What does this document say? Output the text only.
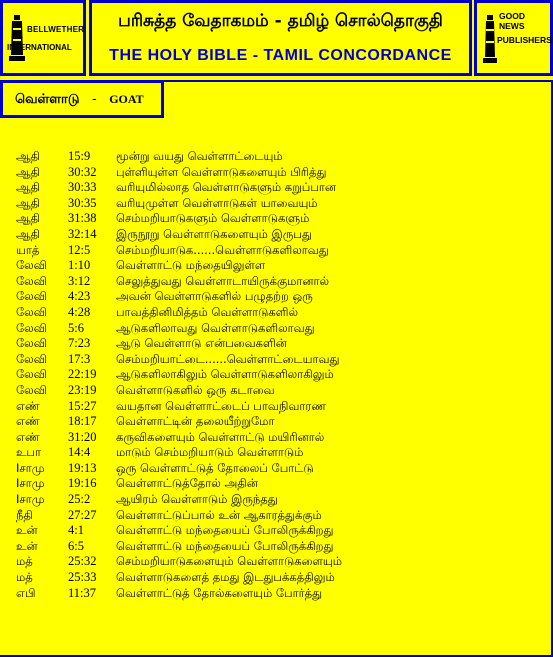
BELLWETHER
INTERNATIONAL
பரிசுத்த வேதாகமம் - தமிழ் சொல்தொகுதி
THE HOLY BIBLE - TAMIL CONCORDANCE
GOOD NEWS
PUBLISHERS
வெள்ளாடு - GOAT
ஆதி 15:9 மூன்று வயது வெள்ளாட்டையும்
ஆதி 30:32 புள்ளியுள்ள வெள்ளாடுகளையும் பிரித்து
ஆதி 30:33 வரியுமில்லாத வெள்ளாடுகளும் கறுப்பான
ஆதி 30:35 வரியுமுள்ள வெள்ளாடுகள் யாவையும்
ஆதி 31:38 செம்மறியாடுகளும் வெள்ளாடுகளும்
ஆதி 32:14 இருநூறு வெள்ளாடுகளையும் இருபது
யாத் 12:5 செம்மறியாடுக......வெள்ளாடுகளிலாவது
லேவி 1:10 வெள்ளாட்டு மந்தையிலுள்ள
லேவி 3:12 செலுத்துவது வெள்ளாடாயிருக்குமானால்
லேவி 4:23 அவன் வெள்ளாடுகளில் பழுதற்ற ஒரு
லேவி 4:28 பாவத்தினிமித்தம் வெள்ளாடுகளில்
லேவி 5:6	ஆடுகளிலாவது வெள்ளாடுகளிலாவது
லேவி 7:23 ஆடு வெள்ளாடு என்பவைகளின்
லேவி 17:3 செம்மறியாட்டை......வெள்ளாட்டையாவது
லேவி 22:19 ஆடுகளிலாகிலும் வெள்ளாடுகளிலாகிலும்
லேவி 23:19 வெள்ளாடுகளில் ஒரு கடாவை
எண் 15:27 வயதான வெள்ளாட்டைப் பாவநிவாரண
எண் 18:17 வெள்ளாட்டின் தலையீற்றுமோ
எண் 31:20 கருவிகளையும் வெள்ளாட்டு மயிரினால்
உபா 14:4 மாடும் செம்மறியாடும் வெள்ளாடும்
Iசாமு 19:13 ஒரு வெள்ளாட்டுத் தோலைப் போட்டு
Iசாமு 19:16 வெள்ளாட்டுத்தோல் அதின்
Iசாமு 25:2 ஆயிரம் வெள்ளாடும் இருந்தது
நீதி	27:27 வெள்ளாட்டுப்பால் உன் ஆகாரத்துக்கும்
உன் 4:1	வெள்ளாட்டு மந்தையைப் போலிருக்கிறது
உன் 6:5	வெள்ளாட்டு மந்தையைப் போலிருக்கிறது
மத்	25:32 செம்மறியாடுகளையும் வெள்ளாடுகளையும்
மத்	25:33 வெள்ளாடுகளைத் தமது இடதுபக்கத்திலும்
எபி	11:37 வெள்ளாட்டுத் தோல்களையும் போர்த்து
